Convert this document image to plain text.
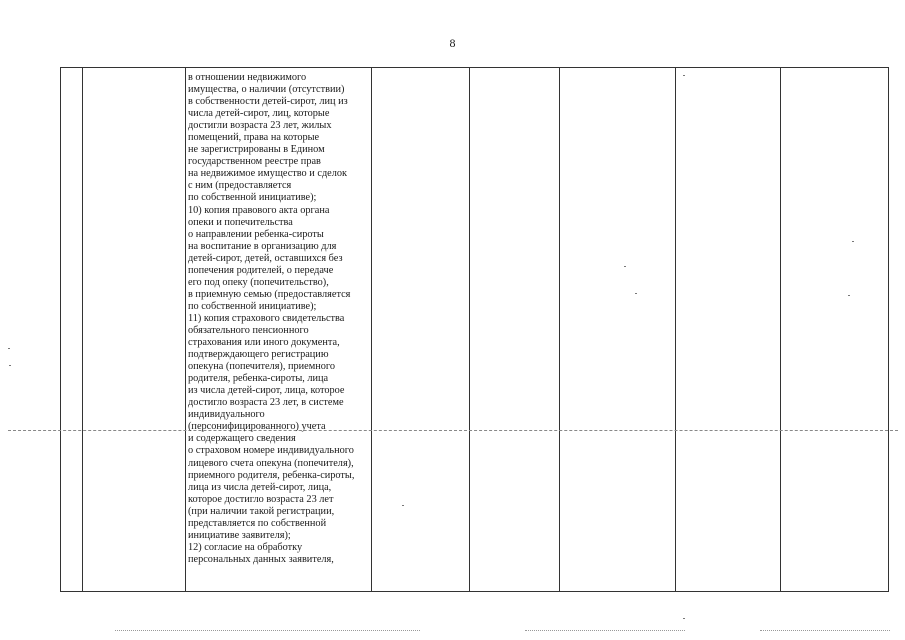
8
в отношении недвижимого
имущества, о наличии (отсутствии)
в собственности детей-сирот, лиц из
числа детей-сирот, лиц, которые
достигли возраста 23 лет, жилых
помещений, права на которые
не зарегистрированы в Едином
государственном реестре прав
на недвижимое имущество и сделок
с ним (предоставляется
по собственной инициативе);
10) копия правового акта органа
опеки и попечительства
о направлении ребенка-сироты
на воспитание в организацию для
детей-сирот, детей, оставшихся без
попечения родителей, о передаче
его под опеку (попечительство),
в приемную семью (предоставляется
по собственной инициативе);
11) копия страхового свидетельства
обязательного пенсионного
страхования или иного документа,
подтверждающего регистрацию
опекуна (попечителя), приемного
родителя, ребенка-сироты, лица
из числа детей-сирот, лица, которое
достигло возраста 23 лет, в системе
индивидуального
(персонифицированного) учета
и содержащего сведения
о страховом номере индивидуального
лицевого счета опекуна (попечителя),
приемного родителя, ребенка-сироты,
лица из числа детей-сирот, лица,
которое достигло возраста 23 лет
(при наличии такой регистрации,
представляется по собственной
инициативе заявителя);
12) согласие на обработку
персональных данных заявителя,
